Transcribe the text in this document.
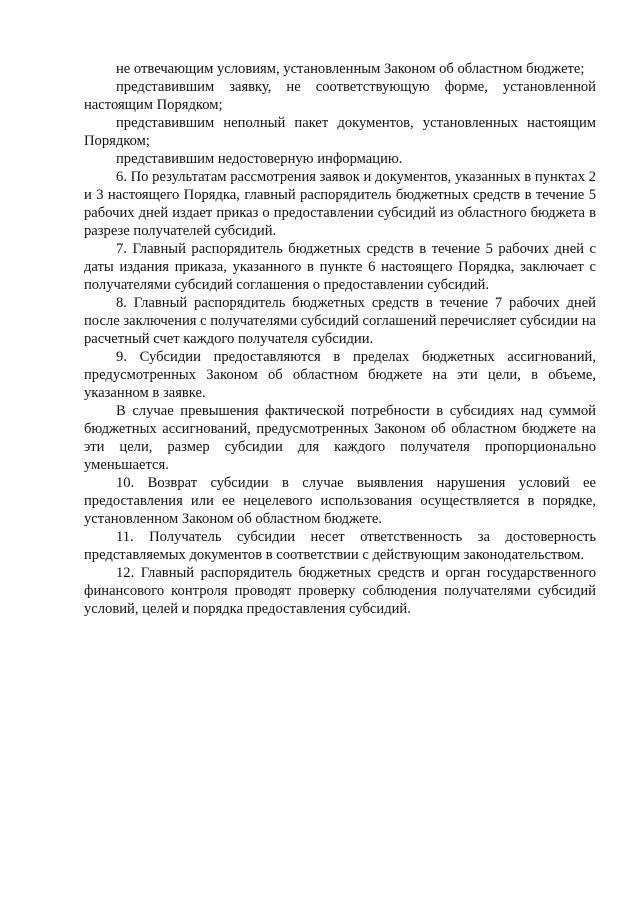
не отвечающим условиям, установленным Законом об областном бюджете;

представившим заявку, не соответствующую форме, установленной настоящим Порядком;

представившим неполный пакет документов, установленных настоящим Порядком;

представившим недостоверную информацию.

6. По результатам рассмотрения заявок и документов, указанных в пунктах 2 и 3 настоящего Порядка, главный распорядитель бюджетных средств в течение 5 рабочих дней издает приказ о предоставлении субсидий из областного бюджета в разрезе получателей субсидий.

7. Главный распорядитель бюджетных средств в течение 5 рабочих дней с даты издания приказа, указанного в пункте 6 настоящего Порядка, заключает с получателями субсидий соглашения о предоставлении субсидий.

8. Главный распорядитель бюджетных средств в течение 7 рабочих дней после заключения с получателями субсидий соглашений перечисляет субсидии на расчетный счет каждого получателя субсидии.

9. Субсидии предоставляются в пределах бюджетных ассигнований, предусмотренных Законом об областном бюджете на эти цели, в объеме, указанном в заявке.

В случае превышения фактической потребности в субсидиях над суммой бюджетных ассигнований, предусмотренных Законом об областном бюджете на эти цели, размер субсидии для каждого получателя пропорционально уменьшается.

10. Возврат субсидии в случае выявления нарушения условий ее предоставления или ее нецелевого использования осуществляется в порядке, установленном Законом об областном бюджете.

11. Получатель субсидии несет ответственность за достоверность представляемых документов в соответствии с действующим законодательством.

12. Главный распорядитель бюджетных средств и орган государственного финансового контроля проводят проверку соблюдения получателями субсидий условий, целей и порядка предоставления субсидий.
